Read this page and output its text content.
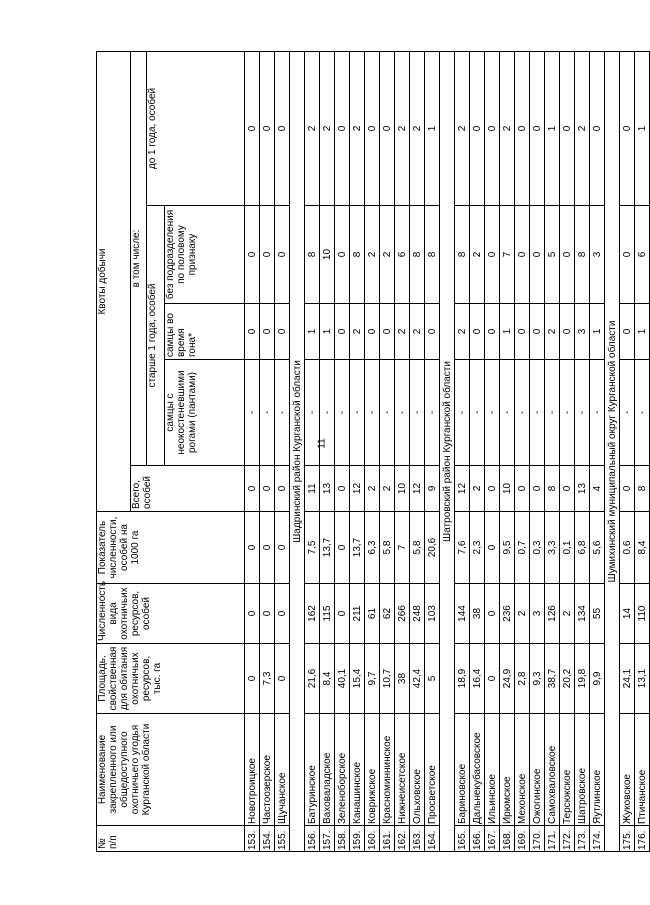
11
№ п/п	Наименование закрепленного или общедоступного охотничьего угодья Курганской области	Площадь, свойственная для обитания охотничьих ресурсов, тыс. га	Численность вида охотничьих ресурсов, особей	Показатель численности, особей на 1000 га	Квоты добычи				
					Всего, особей	в том числе:			
						старше 1 года, особей			до 1 года, особей
						самцы с неокостеневшими рогами (пантами)	самцы во время гона*	без подразделения по половому признаку	
153.	Новотроицкое	0	0	0	0	-	0	0	0
154.	Частоозерское	7,3	0	0	0	-	0	0	0
155.	Щучанское	0	0	0	0	-	0	0	0
Шадринский район Курганской области									
156.	Батуринское	21,6	162	7,5	11	-	1	8	2
157.	Ваховаладское	8,4	115	13,7	13	-	1	10	2
158.	Зеленоборское	40,1	0	0	0	-	0	0	0
159.	Канашинское	15,4	211	13,7	12	-	2	8	2
160.	Коврижское	9,7	61	6,3	2	-	0	2	0
161.	Красноминнинское	10,7	62	5,8	2	-	0	2	0
162.	Нижнеисетское	38	266	7	10	-	2	6	2
163.	Ольховское	42,4	248	5,8	12	-	2	8	2
164.	Просветское	5	103	20,6	9	-	0	8	1
Шатровский район Курганской области									
165.	Бариновское	18,9	144	7,6	12	-	2	8	2
166.	Дальнекубасовское	16,4	38	2,3	2	-	0	2	0
167.	Ильинское	0	0	0	0	-	0	0	0
168.	Ирюмское	24,9	236	9,5	10	-	1	7	2
169.	Мехонское	2,8	2	0,7	0	-	0	0	0
170.	Ожогинское	9,3	3	0,3	0	-	0	0	0
171.	Самохваловское	38,7	126	3,3	8	-	2	5	1
172.	Терсюкское	20,2	2	0,1	0	-	0	0	0
173.	Шатровское	19,8	134	6,8	13	-	3	8	2
174.	Яутлинское	9,9	55	5,6	4	-	1	3	0
Шумихинский муниципальный округ Курганской области									
175.	Жуковское	24,1	14	0,6	0	-	0	0	0
176.	Птичанское	13,1	110	8,4	8	-	1	6	1
